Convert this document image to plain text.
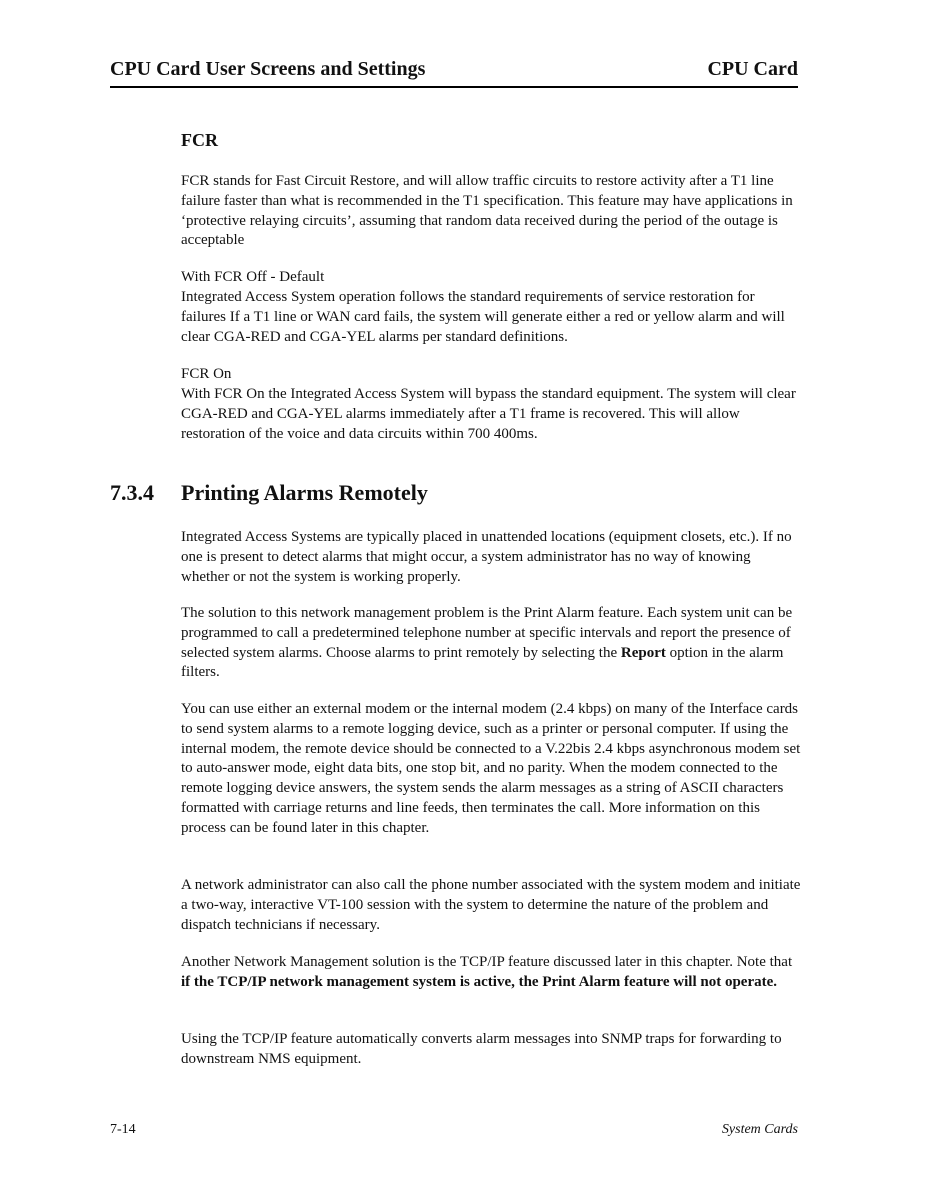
CPU Card User Screens and Settings	CPU Card
FCR

FCR stands for Fast Circuit Restore, and will allow traffic circuits to restore activity after a T1 line failure faster than what is recommended in the T1 specification. This feature may have applications in ‘protective relaying circuits’, assuming that random data received during the period of the outage is acceptable

With FCR Off - Default

Integrated Access System operation follows the standard requirements of service restoration for failures If a T1 line or WAN card fails, the system will generate either a red or yellow alarm and will clear CGA-RED and CGA-YEL alarms per standard definitions.

FCR On

With FCR On the Integrated Access System will bypass the standard equipment. The system will clear CGA-RED and CGA-YEL alarms immediately after a T1 frame is recovered. This will allow restoration of the voice and data circuits within 700 400ms.

7.3.4 Printing Alarms Remotely

Integrated Access Systems are typically placed in unattended locations (equipment closets, etc.). If no one is present to detect alarms that might occur, a system administrator has no way of knowing whether or not the system is working properly.

The solution to this network management problem is the Print Alarm feature. Each system unit can be programmed to call a predetermined telephone number at specific intervals and report the presence of selected system alarms. Choose alarms to print remotely by selecting the Report option in the alarm filters.

You can use either an external modem or the internal modem (2.4 kbps) on many of the Interface cards to send system alarms to a remote logging device, such as a printer or personal computer. If using the internal modem, the remote device should be connected to a V.22bis 2.4 kbps asynchronous modem set to auto-answer mode, eight data bits, one stop bit, and no parity. When the modem connected to the remote logging device answers, the system sends the alarm messages as a string of ASCII characters formatted with carriage returns and line feeds, then terminates the call. More information on this process can be found later in this chapter.

A network administrator can also call the phone number associated with the system modem and initiate a two-way, interactive VT-100 session with the system to determine the nature of the problem and dispatch technicians if necessary.

Another Network Management solution is the TCP/IP feature discussed later in this chapter. Note that if the TCP/IP network management system is active, the Print Alarm feature will not operate.

Using the TCP/IP feature automatically converts alarm messages into SNMP traps for forwarding to downstream NMS equipment.

7-14	System Cards
